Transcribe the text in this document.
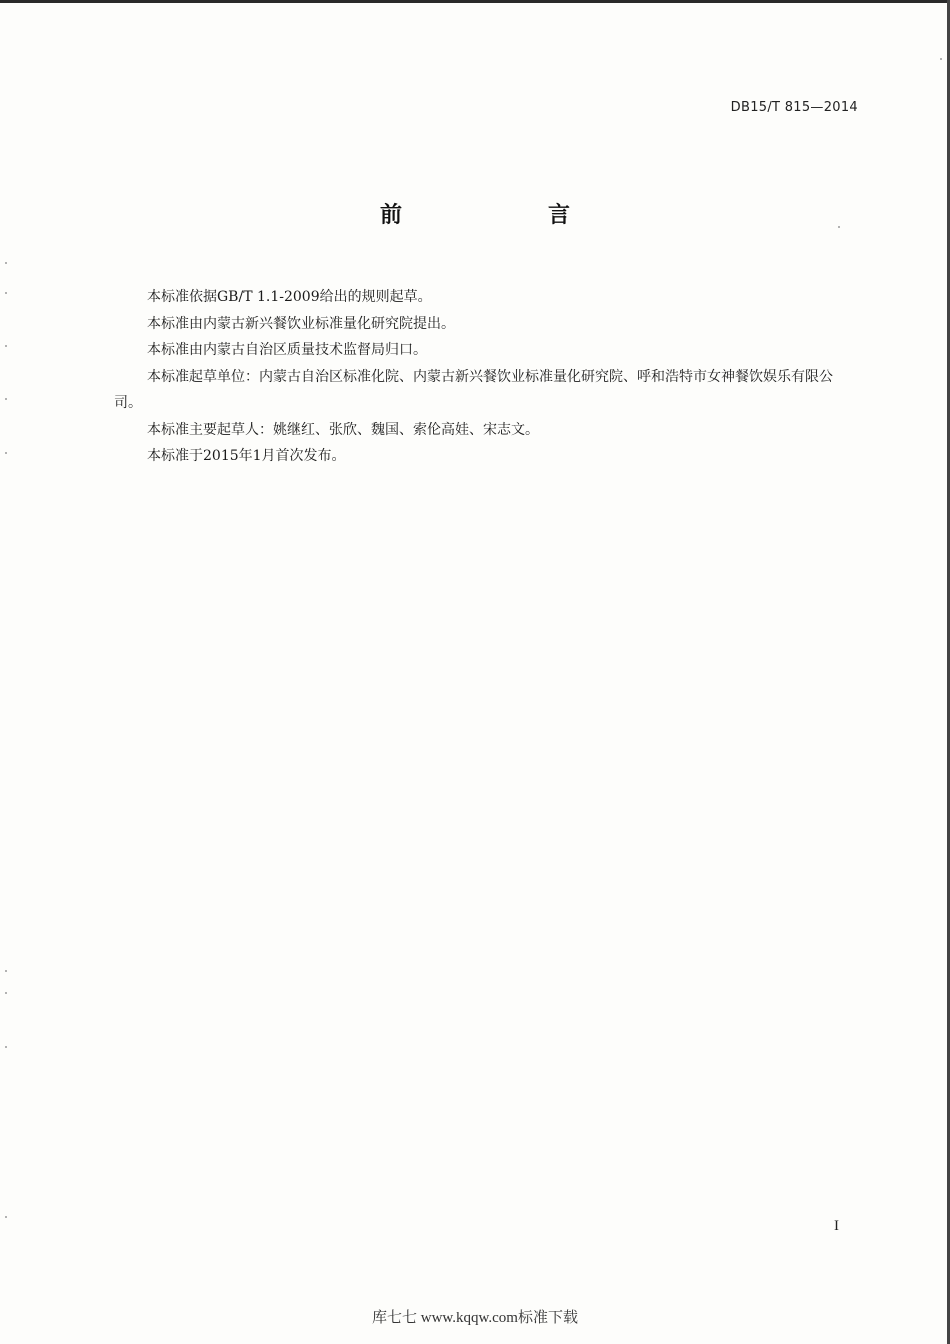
DB15/T 815—2014
前　言

本标准依据GB/T 1.1-2009给出的规则起草。

本标准由内蒙古新兴餐饮业标准量化研究院提出。

本标准由内蒙古自治区质量技术监督局归口。

本标准起草单位：内蒙古自治区标准化院、内蒙古新兴餐饮业标准量化研究院、呼和浩特市女神餐饮娱乐有限公司。

本标准主要起草人：姚继红、张欣、魏国、索伦高娃、宋志文。

本标准于2015年1月首次发布。

I
库七七 www.kqqw.com标准下载
